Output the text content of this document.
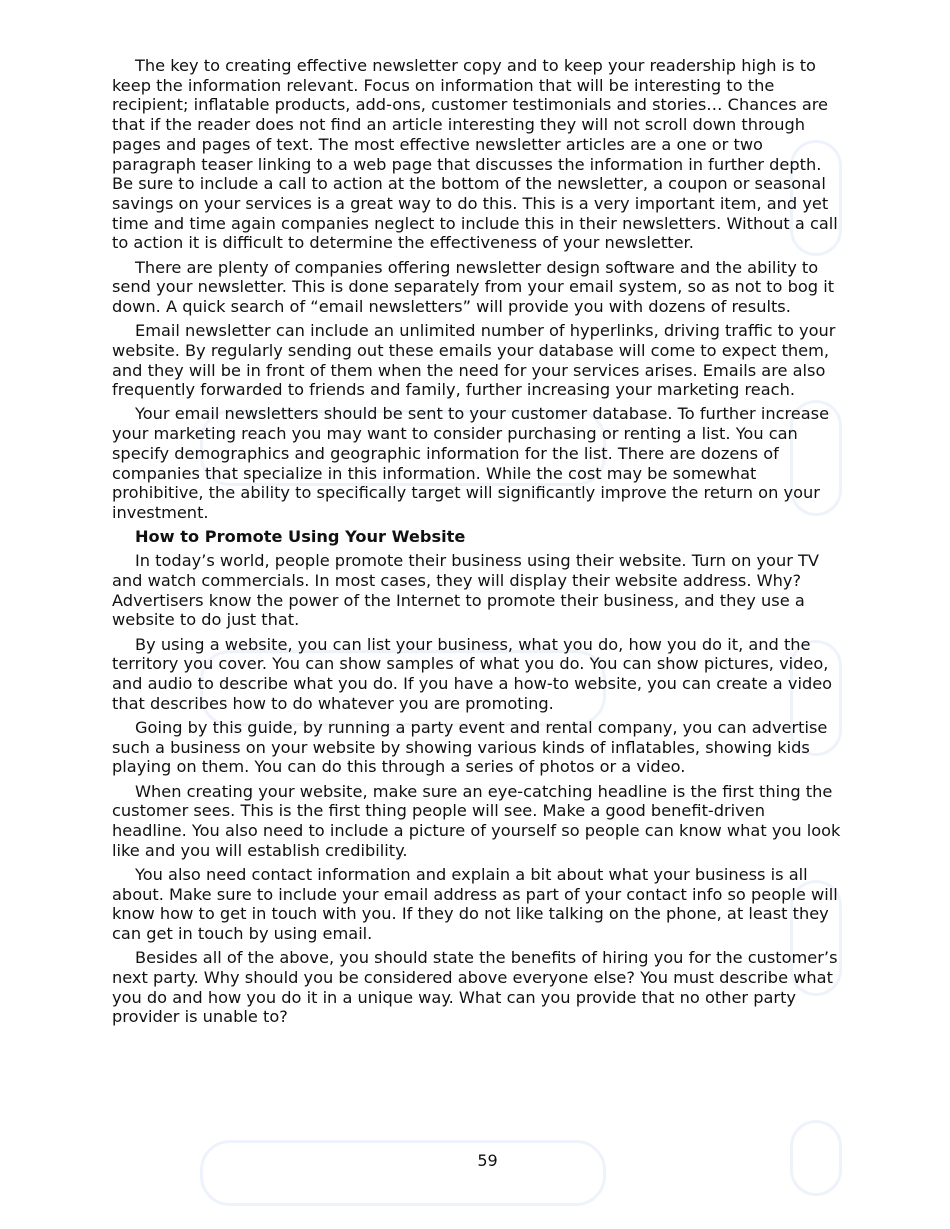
The key to creating effective newsletter copy and to keep your readership high is to keep the information relevant. Focus on information that will be interesting to the recipient; inflatable products, add-ons, customer testimonials and stories… Chances are that if the reader does not find an article interesting they will not scroll down through pages and pages of text. The most effective newsletter articles are a one or two paragraph teaser linking to a web page that discusses the information in further depth. Be sure to include a call to action at the bottom of the newsletter, a coupon or seasonal savings on your services is a great way to do this. This is a very important item, and yet time and time again companies neglect to include this in their newsletters. Without a call to action it is difficult to determine the effectiveness of your newsletter.

There are plenty of companies offering newsletter design software and the ability to send your newsletter. This is done separately from your email system, so as not to bog it down. A quick search of “email newsletters” will provide you with dozens of results.

Email newsletter can include an unlimited number of hyperlinks, driving traffic to your website. By regularly sending out these emails your database will come to expect them, and they will be in front of them when the need for your services arises. Emails are also frequently forwarded to friends and family, further increasing your marketing reach.

Your email newsletters should be sent to your customer database. To further increase your marketing reach you may want to consider purchasing or renting a list. You can specify demographics and geographic information for the list. There are dozens of companies that specialize in this information. While the cost may be somewhat prohibitive, the ability to specifically target will significantly improve the return on your investment.

How to Promote Using Your Website

In today’s world, people promote their business using their website. Turn on your TV and watch commercials. In most cases, they will display their website address. Why? Advertisers know the power of the Internet to promote their business, and they use a website to do just that.

By using a website, you can list your business, what you do, how you do it, and the territory you cover. You can show samples of what you do. You can show pictures, video, and audio to describe what you do. If you have a how-to website, you can create a video that describes how to do whatever you are promoting.

Going by this guide, by running a party event and rental company, you can advertise such a business on your website by showing various kinds of inflatables, showing kids playing on them. You can do this through a series of photos or a video.

When creating your website, make sure an eye-catching headline is the first thing the customer sees. This is the first thing people will see. Make a good benefit-driven headline. You also need to include a picture of yourself so people can know what you look like and you will establish credibility.

You also need contact information and explain a bit about what your business is all about. Make sure to include your email address as part of your contact info so people will know how to get in touch with you. If they do not like talking on the phone, at least they can get in touch by using email.

Besides all of the above, you should state the benefits of hiring you for the customer’s next party. Why should you be considered above everyone else? You must describe what you do and how you do it in a unique way. What can you provide that no other party provider is unable to?

59
